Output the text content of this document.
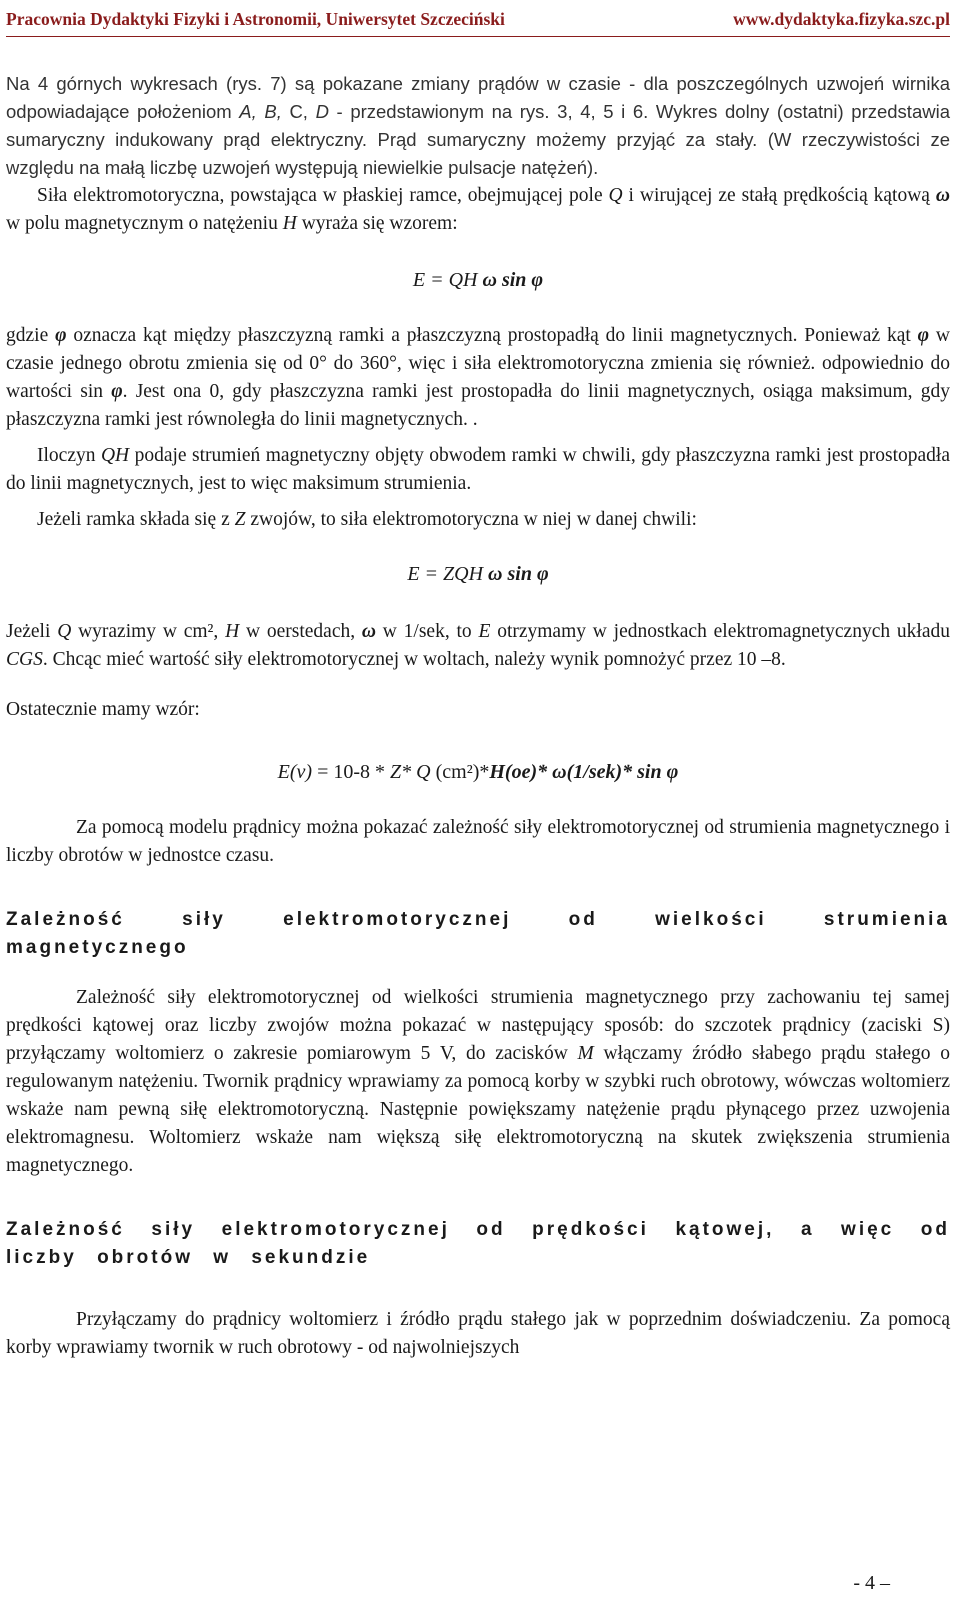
Pracownia Dydaktyki Fizyki i Astronomii, Uniwersytet Szczeciński	www.dydaktyka.fizyka.szc.pl

Na 4 górnych wykresach (rys. 7) są pokazane zmiany prądów w czasie - dla poszczególnych uzwojeń wirnika odpowiadające położeniom A, B, C, D - przedstawionym na rys. 3, 4, 5 i 6. Wykres dolny (ostatni) przedstawia sumaryczny indukowany prąd elektryczny. Prąd sumaryczny możemy przyjąć za stały. (W rzeczywistości ze względu na małą liczbę uzwojeń występują niewielkie pulsacje natężeń).

Siła elektromotoryczna, powstająca w płaskiej ramce, obejmującej pole Q i wirującej ze stałą prędkością kątową ω w polu magnetycznym o natężeniu H wyraża się wzorem:

E = QH ω sin φ

gdzie φ oznacza kąt między płaszczyzną ramki a płaszczyzną prostopadłą do linii magnetycznych. Ponieważ kąt φ w czasie jednego obrotu zmienia się od 0° do 360°, więc i siła elektromotoryczna zmienia się również. odpowiednio do wartości sin φ. Jest ona 0, gdy płaszczyzna ramki jest prostopadła do linii magnetycznych, osiąga maksimum, gdy płaszczyzna ramki jest równoległa do linii magnetycznych. .

Iloczyn QH podaje strumień magnetyczny objęty obwodem ramki w chwili, gdy płaszczyzna ramki jest prostopadła do linii magnetycznych, jest to więc maksimum strumienia.

Jeżeli ramka składa się z Z zwojów, to siła elektromotoryczna w niej w danej chwili:

E = ZQH ω sin φ

Jeżeli Q wyrazimy w cm², H w oerstedach, ω w 1/sek, to E otrzymamy w jednostkach elektromagnetycznych układu CGS. Chcąc mieć wartość siły elektromotorycznej w woltach, należy wynik pomnożyć przez 10 –8.

Ostatecznie mamy wzór:

E(v) = 10-8 * Z* Q (cm²)*H(oe)* ω(1/sek)* sin φ

Za pomocą modelu prądnicy można pokazać zależność siły elektromotorycznej od strumienia magnetycznego i liczby obrotów w jednostce czasu.

Zależność siły elektromotorycznej od wielkości strumienia magnetycznego

Zależność siły elektromotorycznej od wielkości strumienia magnetycznego przy zachowaniu tej samej prędkości kątowej oraz liczby zwojów można pokazać w następujący sposób: do szczotek prądnicy (zaciski S) przyłączamy woltomierz o zakresie pomiarowym 5 V, do zacisków M włączamy źródło słabego prądu stałego o regulowanym natężeniu. Twornik prądnicy wprawiamy za pomocą korby w szybki ruch obrotowy, wówczas woltomierz wskaże nam pewną siłę elektromotoryczną. Następnie powiększamy natężenie prądu płynącego przez uzwojenia elektromagnesu. Woltomierz wskaże nam większą siłę elektromotoryczną na skutek zwiększenia strumienia magnetycznego.

Zależność siły elektromotorycznej od prędkości kątowej, a więc od liczby obrotów w sekundzie

Przyłączamy do prądnicy woltomierz i źródło prądu stałego jak w poprzednim doświadczeniu. Za pomocą korby wprawiamy twornik w ruch obrotowy - od najwolniejszych

- 4 –
